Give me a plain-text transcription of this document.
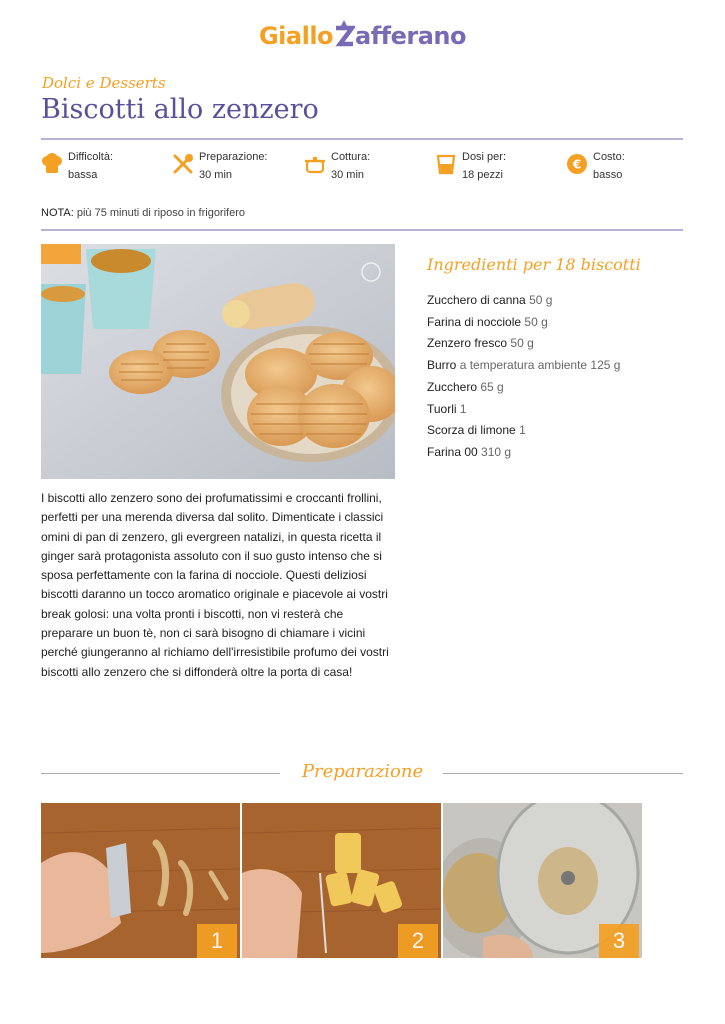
Giallo afferano
Dolci e Desserts
Biscotti allo zenzero
Difficoltà:
bassa
Preparazione:
30 min
Cottura:
30 min
Dosi per:
18 pezzi
€
Costo:
basso
NOTA: più 75 minuti di riposo in frigorifero
Ingredienti per 18 biscotti
Zucchero di canna 50 g
Farina di nocciole 50 g
Zenzero fresco 50 g
Burro a temperatura ambiente 125 g
Zucchero 65 g
Tuorli 1
Scorza di limone 1
Farina 00 310 g

I biscotti allo zenzero sono dei profumatissimi e croccanti frollini, perfetti per una merenda diversa dal solito. Dimenticate i classici omini di pan di zenzero, gli evergreen natalizi, in questa ricetta il ginger sarà protagonista assoluto con il suo gusto intenso che si sposa perfettamente con la farina di nocciole. Questi deliziosi biscotti daranno un tocco aromatico originale e piacevole ai vostri break golosi: una volta pronti i biscotti, non vi resterà che preparare un buon tè, non ci sarà bisogno di chiamare i vicini perché giungeranno al richiamo dell'irresistibile profumo dei vostri biscotti allo zenzero che si diffonderà oltre la porta di casa!

Preparazione
1	2	3
